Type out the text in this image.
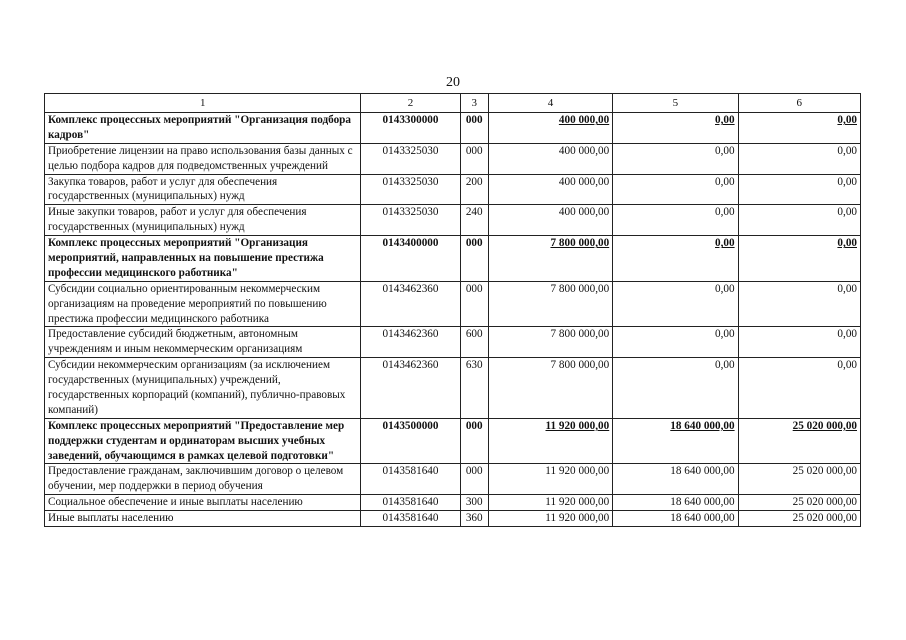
20
1	2	3	4	5	6
Комплекс процессных мероприятий "Организация подбора кадров"	0143300000	000	400 000,00	0,00	0,00
Приобретение лицензии на право использования базы данных с целью подбора кадров для подведомственных учреждений	0143325030	000	400 000,00	0,00	0,00
Закупка товаров, работ и услуг для обеспечения государственных (муниципальных) нужд	0143325030	200	400 000,00	0,00	0,00
Иные закупки товаров, работ и услуг для обеспечения государственных (муниципальных) нужд	0143325030	240	400 000,00	0,00	0,00
Комплекс процессных мероприятий "Организация мероприятий, направленных на повышение престижа профессии медицинского работника"	0143400000	000	7 800 000,00	0,00	0,00
Субсидии социально ориентированным некоммерческим организациям на проведение мероприятий по повышению престижа профессии медицинского работника	0143462360	000	7 800 000,00	0,00	0,00
Предоставление субсидий бюджетным, автономным учреждениям и иным некоммерческим организациям	0143462360	600	7 800 000,00	0,00	0,00
Субсидии некоммерческим организациям (за исключением государственных (муниципальных) учреждений, государственных корпораций (компаний), публично-правовых компаний)	0143462360	630	7 800 000,00	0,00	0,00
Комплекс процессных мероприятий "Предоставление мер поддержки студентам и ординаторам высших учебных заведений, обучающимся в рамках целевой подготовки"	0143500000	000	11 920 000,00	18 640 000,00	25 020 000,00
Предоставление гражданам, заключившим договор о целевом обучении, мер поддержки в период обучения	0143581640	000	11 920 000,00	18 640 000,00	25 020 000,00
Социальное обеспечение и иные выплаты населению	0143581640	300	11 920 000,00	18 640 000,00	25 020 000,00
Иные выплаты населению	0143581640	360	11 920 000,00	18 640 000,00	25 020 000,00
